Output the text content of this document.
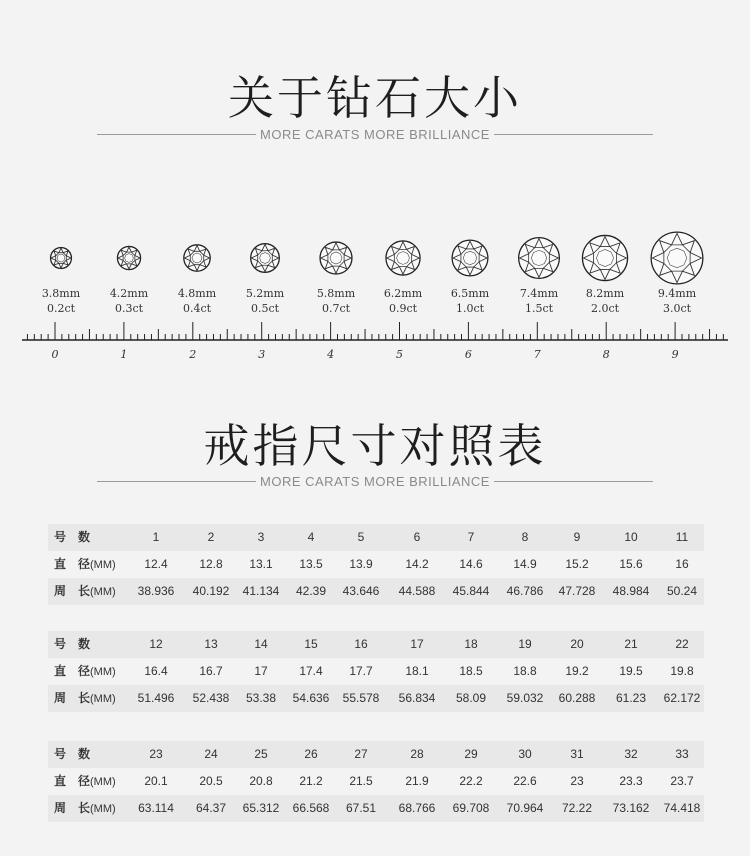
关于钻石大小
MORE CARATS MORE BRILLIANCE
3.8mm
0.2ct
4.2mm
0.3ct
4.8mm
0.4ct
5.2mm
0.5ct
5.8mm
0.7ct
6.2mm
0.9ct
6.5mm
1.0ct
7.4mm
1.5ct
8.2mm
2.0ct
9.4mm
3.0ct
0	1	2	3	4	5	6	7	8	9
戒指尺寸对照表
MORE CARATS MORE BRILLIANCE
号　数	1	2	3	4	5	6	7	8	9	10	11
直　径(MM)	12.4	12.8	13.1	13.5	13.9	14.2	14.6	14.9	15.2	15.6	16
周　长(MM)	38.936	40.192	41.134	42.39	43.646	44.588	45.844	46.786	47.728	48.984	50.24
号　数	12	13	14	15	16	17	18	19	20	21	22
直　径(MM)	16.4	16.7	17	17.4	17.7	18.1	18.5	18.8	19.2	19.5	19.8
周　长(MM)	51.496	52.438	53.38	54.636	55.578	56.834	58.09	59.032	60.288	61.23	62.172
号　数	23	24	25	26	27	28	29	30	31	32	33
直　径(MM)	20.1	20.5	20.8	21.2	21.5	21.9	22.2	22.6	23	23.3	23.7
周　长(MM)	63.114	64.37	65.312	66.568	67.51	68.766	69.708	70.964	72.22	73.162	74.418
